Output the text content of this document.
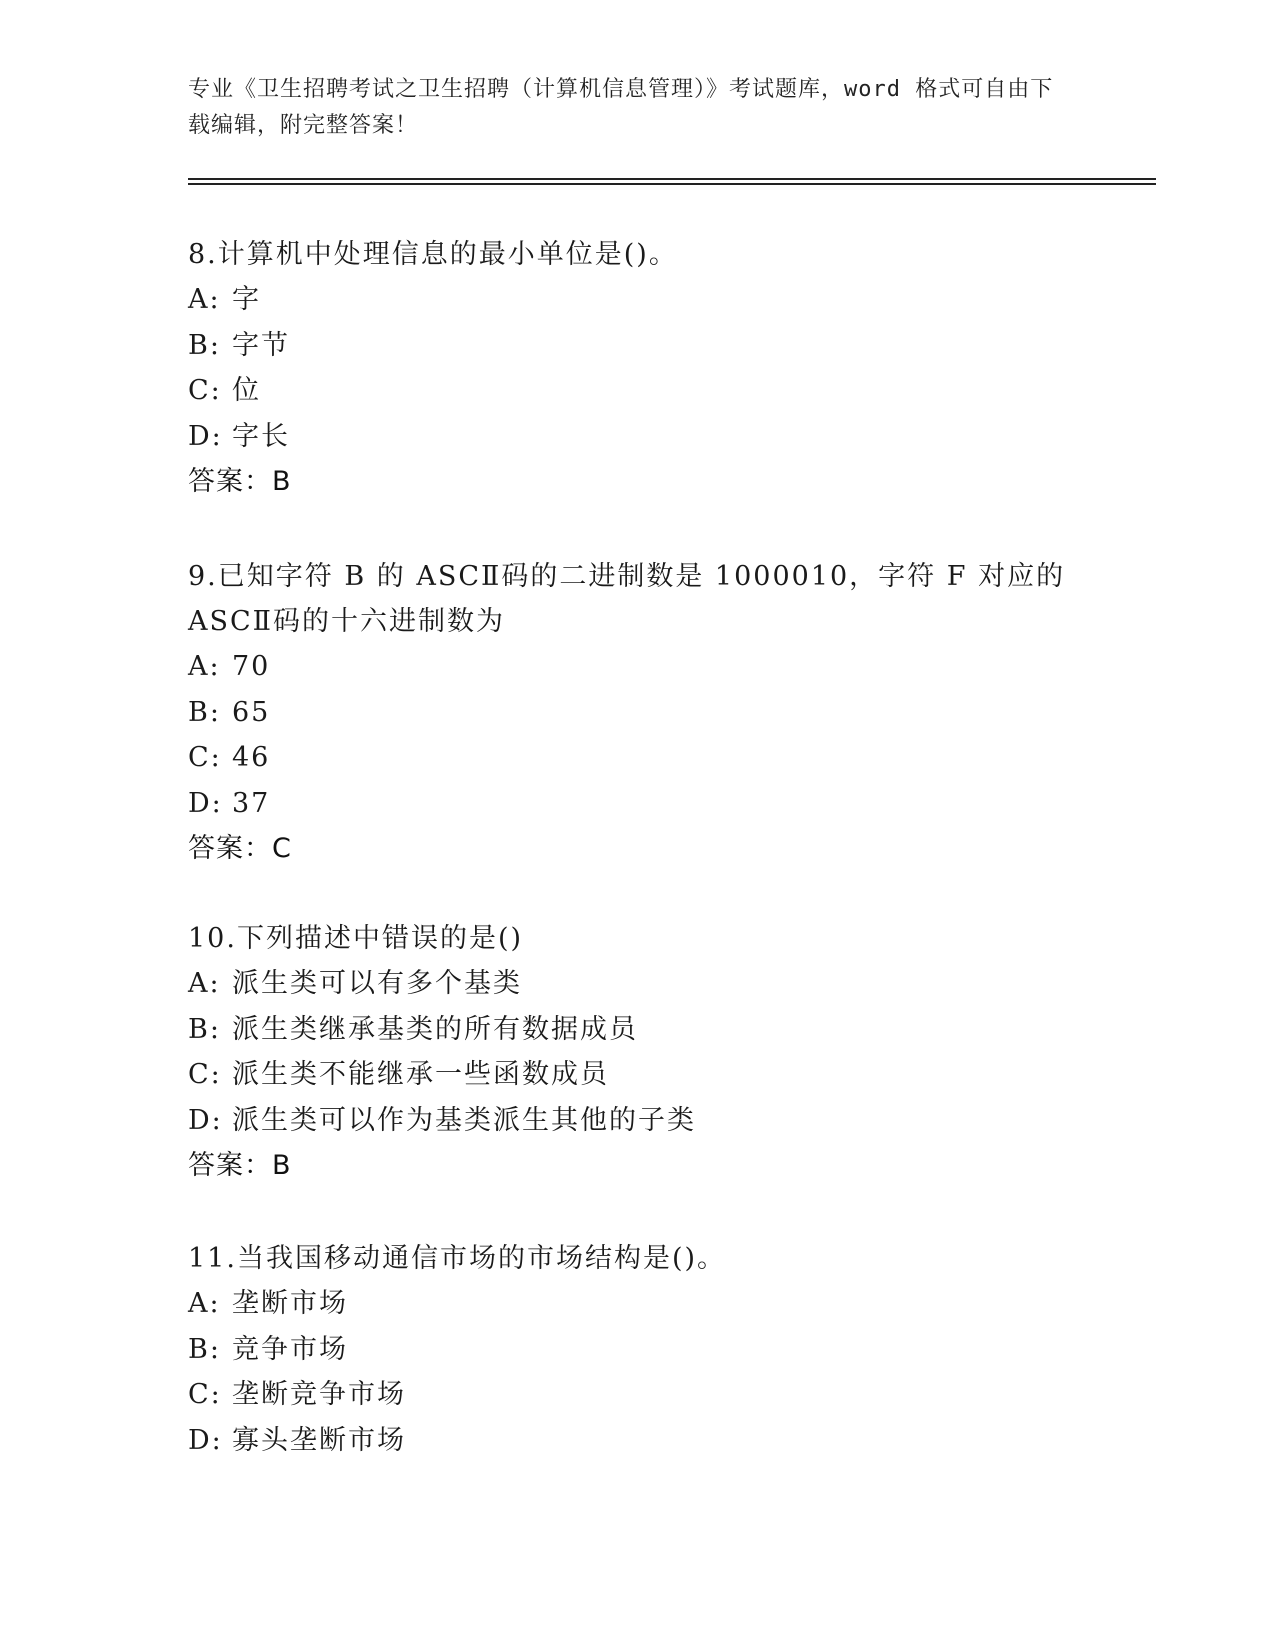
专业《卫生招聘考试之卫生招聘（计算机信息管理）》考试题库，word 格式可自由下载编辑，附完整答案！
8.计算机中处理信息的最小单位是()。
A: 字
B: 字节
C: 位
D: 字长
答案：B
9.已知字符 B 的 ASCⅡ码的二进制数是 1000010，字符 F 对应的 ASCⅡ码的十六进制数为
A: 70
B: 65
C: 46
D: 37
答案：C
10.下列描述中错误的是()
A: 派生类可以有多个基类
B: 派生类继承基类的所有数据成员
C: 派生类不能继承一些函数成员
D: 派生类可以作为基类派生其他的子类
答案：B
11.当我国移动通信市场的市场结构是()。
A: 垄断市场
B: 竞争市场
C: 垄断竞争市场
D: 寡头垄断市场
